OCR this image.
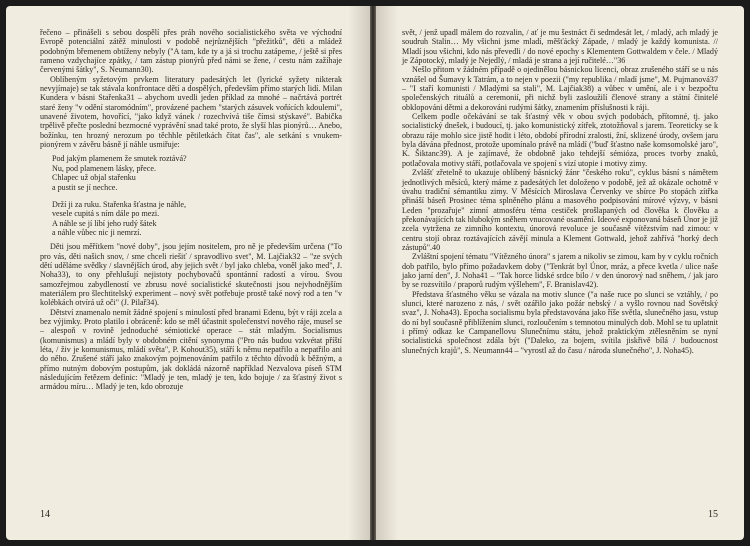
řečeno – přinášeli s sebou dospělí přes práh nového socialistického světa ve východní Evropě potenciální zátěž minulosti v podobě nejrůznějších "přežitků", děti a mládež podobným břemenem obtíženy nebyly ("A tam, kde ty a já si trochu zatápeme, / ještě si přes rameno vzdychajíce zpátky, / tam zástup pionýrů před námi se žene, / cestu nám zažíhaje červenými šátky", S. Neumann30).

Oblíbeným syžetovým prvkem literatury padesátých let (lyrické syžety nikterak nevyjímaje) se tak stávala konfrontace dětí a dospělých, především přímo starých lidí. Milan Kundera v básni Stařenka31 – abychom uvedli jeden příklad za mnohé – načrtává portrét staré ženy "v odění staromódním", provázené pachem "starých zásuvek voňících kdoulemi", unavené životem, hovořící, "jako když vánek / rozechvívá tiše čímsi stýskavé". Babička trpělivě přečte poslední bezmocné vyprávění snad také proto, že slyší hlas pionýrů… Anebo, božínku, ten hrozný nerozum po těchhle pětiletkách čítat čas", ale setkání s vnukem-pionýrem v závěru básně jí náhle usmiřuje:

Pod jakým plamenem že smutek roztává?
Nu, pod plamenem lásky, přece.
Chlapec už objal stařenku
a pustit se jí nechce.
Drží ji za ruku. Stařenka šťastna je náhle,
vesele cupitá s ním dále po mezi.
A náhle se jí líbí jeho rudý šátek
a náhle vůbec nic ji nemrzí.

Děti jsou měřítkem "nové doby", jsou jejím nositelem, pro ně je především určena ("To pro vás, děti našich snov, / sme chceli riešiť / spravodlivo svet", M. Lajčiak32 – "ze svých dětí uděláme svědky / slavnějších úrod, aby jejich svět / byl jako chleba, voněl jako med", J. Noha33), to ony přehlušují nejistoty pochybovačů spontánní radostí a vírou. Svou samozřejmou zabydleností ve zbrusu nové socialistické skutečnosti jsou nejvhodnějším materiálem pro šlechtitelský experiment – nový svět potřebuje prostě také nový rod a ten "v kolébkách otvírá už oči" (J. Pilař34).

Dětství znamenalo nemít žádné spojení s minulostí před branami Edenu, být v ráji zcela a bez výjimky. Proto platilo i obráceně: kdo se měl účastnit společenství nového ráje, musel se – alespoň v rovině jednoduché sémiotické operace – stát mladým. Socialismus (komunismus) a mládí byly v obdobném citění synonyma ("Pro nás budou vzkvétat příští léta, / živ je komunismus, mládí světa", P. Kohout35), stáří k němu nepatřilo a nepatřilo ani do něho. Zrušené stáří jako znakovým pojmenováním patřilo z těchto důvodů k běžným, a přímo nutným dobovým postupům, jak dokládá názorně například Nezvalova píseň STM následujícím řetězem definic: "Mladý je ten, mladý je ten, kdo bojuje / za šťastný život s armádou míru… Mladý je ten, kdo obrozuje

14

svět, / jenž upadl málem do rozvalin, / ať je mu šestnáct či sedmdesát let, / mladý, ach mladý je soudruh Stalin… My všichni jsme mladí, měšťácký Západe, / mladý je každý komunista. // Mladí jsou všichni, kdo nás převedli / do nové epochy s Klementem Gottwaldem v čele. / Mladý je Zápotocký, mladý je Nejedlý, / mladá je strana a její ručitelé…"36

Nešlo přitom v žádném případě o ojedinělou básnickou licenci, obraz zrušeného stáří se u nás vznášel od Šumavy k Tatrám, a to nejen v poezii ("my republika / mladí jsme", M. Pujmanová37 – "I staří komunisti / Mladými sa stali", M. Lajčiak38) a vůbec v umění, ale i v bezpočtu společenských rituálů a ceremonií, při nichž byli zasloužilí členové strany a státní činitelé obklopováni dětmi a dekorováni rudými šátky, znamením příslušnosti k ráji.

Celkem podle očekávání se tak šťastný věk v obou svých podobách, přítomné, tj. jako socialistický dnešek, i budoucí, tj. jako komunistický zítřek, ztotožňoval s jarem. Teoreticky se k obrazu ráje mohlo sice jistě hodit i léto, období přírodní zralosti, žní, sklizené úrody, ovšem jaru byla dávána přednost, protože upomínalo právě na mládí ("buď šťastno naše komsomolské jaro", K. Šiktanc39). A je zajímavé, že obdobně jako tehdejší sémióza, proces tvorby znaků, potlačovala motivy stáří, potlačovala ve spojení s vizí utopie i motivy zimy.

Zvlášť zřetelně to ukazuje oblíbený básnický žánr "českého roku", cyklus básní s námětem jednotlivých měsíců, který máme z padesátých let doloženo v podobě, jež až okázale ochotně v úvahu tradiční sémantiku zimy. V Měsících Miroslava Červenky ve sbírce Po stopách zítřka přináší báseň Prosinec téma splněného plánu a masového podpisování mírové výzvy, v básni Leden "prozařuje" zimní atmosféru téma cestiček prošlapaných od člověka k člověku a překonávajících tak hlubokým sněhem vnucované osamění. Ideové exponovaná báseň Únor je již zcela vytržena ze zimního kontextu, únorová revoluce je současně vítězstvím nad zimou: v centru stojí obraz roztávajících závějí minula a Klement Gottwald, jehož zahřívá "horký dech zástupů".40

Zvláštní spojení tématu "Vítězného února" s jarem a nikoliv se zimou, kam by v cyklu ročních dob patřilo, bylo přímo požadavkem doby ("Tenkrát byl Únor, mráz, a přece kvetla / ulice naše jako jarní den", J. Noha41 – "Tak horce lidské srdce bilo / v den únorový nad sněhem, / jak jaro by se rozsvítilo / praporů rudým výšlehem", F. Branislav42).

Představa šťastného věku se vázala na motiv slunce ("a naše ruce po slunci se vztáhly, / po slunci, které narozeno z nás, / svět ozářilo jako požár nebský / a vyšlo rovnou nad Sovětský svaz", J. Noha43). Epocha socialismu byla představována jako říše světla, slunečného jasu, vstup do ní byl současně přiblížením slunci, rozloučením s temnotou minulých dob. Mohl se tu uplatnit i přímý odkaz ke Campanellovu Slunečnímu státu, jehož praktickým ztělesněním se nyní socialistická společnost zdála být ("Daleko, za bojem, svítila jiskřivě bílá / budoucnost slunečných krajů", S. Neumann44 – "vyrostl až do času / národa slunečného", J. Noha45).

15
